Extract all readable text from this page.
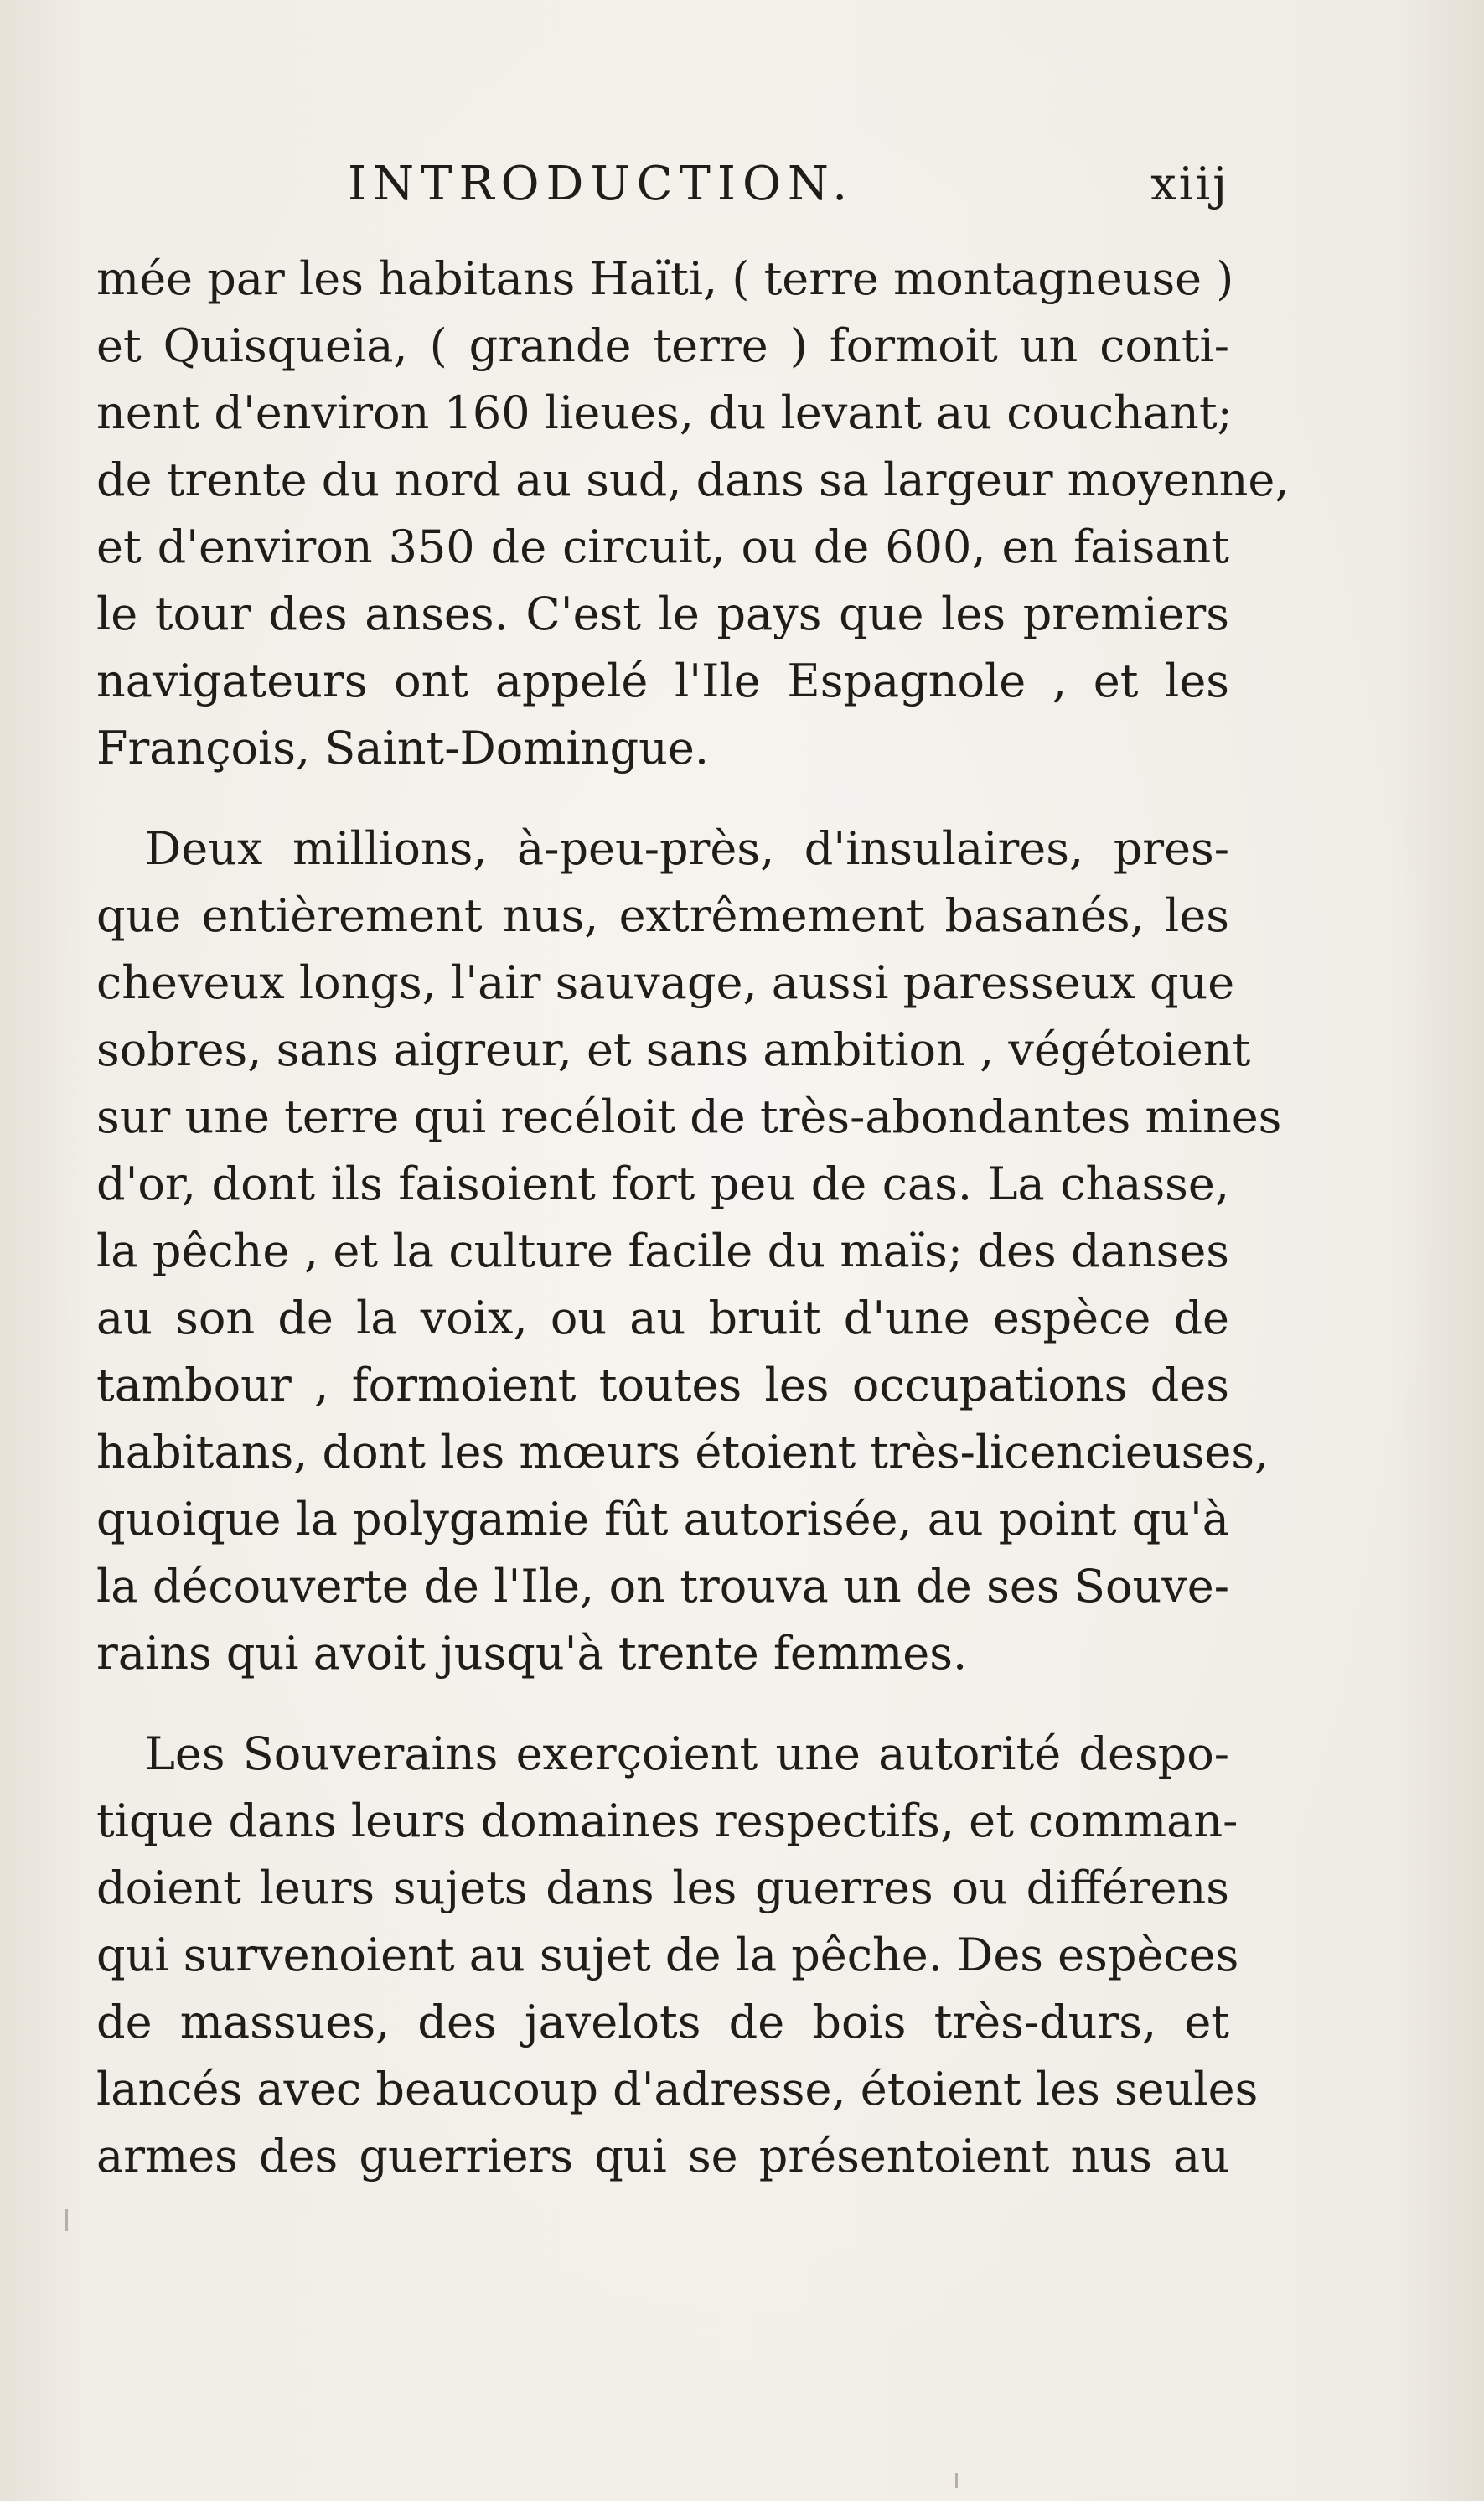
INTRODUCTION.	xiij

mée par les habitans Haïti, ( terre montagneuse )
et Quisqueia, ( grande terre ) formoit un conti-
nent d'environ 160 lieues, du levant au couchant;
de trente du nord au sud, dans sa largeur moyenne,
et d'environ 350 de circuit, ou de 600, en faisant
le tour des anses. C'est le pays que les premiers
navigateurs ont appelé l'Ile Espagnole , et les
François, Saint-Domingue.

Deux millions, à-peu-près, d'insulaires, pres-
que entièrement nus, extrêmement basanés, les
cheveux longs, l'air sauvage, aussi paresseux que
sobres, sans aigreur, et sans ambition , végétoient
sur une terre qui recéloit de très-abondantes mines
d'or, dont ils faisoient fort peu de cas. La chasse,
la pêche , et la culture facile du maïs; des danses
au son de la voix, ou au bruit d'une espèce de
tambour , formoient toutes les occupations des
habitans, dont les mœurs étoient très-licencieuses,
quoique la polygamie fût autorisée, au point qu'à
la découverte de l'Ile, on trouva un de ses Souve-
rains qui avoit jusqu'à trente femmes.

Les Souverains exerçoient une autorité despo-
tique dans leurs domaines respectifs, et comman-
doient leurs sujets dans les guerres ou différens
qui survenoient au sujet de la pêche. Des espèces
de massues, des javelots de bois très-durs, et
lancés avec beaucoup d'adresse, étoient les seules
armes des guerriers qui se présentoient nus au
